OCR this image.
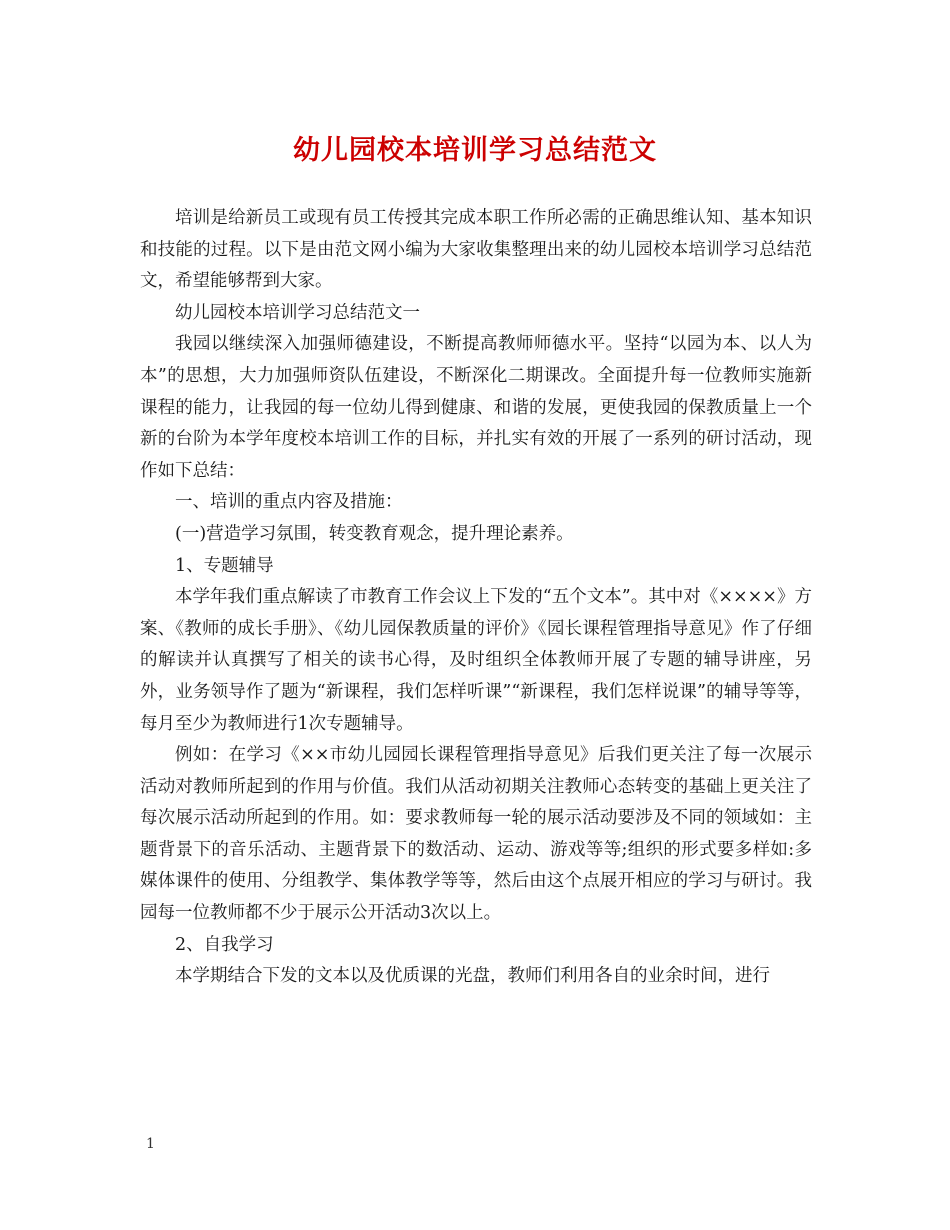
幼儿园校本培训学习总结范文

培训是给新员工或现有员工传授其完成本职工作所必需的正确思维认知、基本知识和技能的过程。以下是由范文网小编为大家收集整理出来的幼儿园校本培训学习总结范文，希望能够帮到大家。

幼儿园校本培训学习总结范文一

我园以继续深入加强师德建设，不断提高教师师德水平。坚持“以园为本、以人为本”的思想，大力加强师资队伍建设，不断深化二期课改。全面提升每一位教师实施新课程的能力，让我园的每一位幼儿得到健康、和谐的发展，更使我园的保教质量上一个新的台阶为本学年度校本培训工作的目标，并扎实有效的开展了一系列的研讨活动，现作如下总结：

一、培训的重点内容及措施：

(一)营造学习氛围，转变教育观念，提升理论素养。

1、专题辅导

本学年我们重点解读了市教育工作会议上下发的“五个文本”。其中对《××××》方案、《教师的成长手册》、《幼儿园保教质量的评价》《园长课程管理指导意见》作了仔细的解读并认真撰写了相关的读书心得，及时组织全体教师开展了专题的辅导讲座，另外，业务领导作了题为“新课程，我们怎样听课”“新课程，我们怎样说课”的辅导等等，每月至少为教师进行1次专题辅导。

例如：在学习《××市幼儿园园长课程管理指导意见》后我们更关注了每一次展示活动对教师所起到的作用与价值。我们从活动初期关注教师心态转变的基础上更关注了每次展示活动所起到的作用。如：要求教师每一轮的展示活动要涉及不同的领域如：主题背景下的音乐活动、主题背景下的数活动、运动、游戏等等;组织的形式要多样如:多媒体课件的使用、分组教学、集体教学等等，然后由这个点展开相应的学习与研讨。我园每一位教师都不少于展示公开活动3次以上。

2、自我学习

本学期结合下发的文本以及优质课的光盘，教师们利用各自的业余时间，进行

1
